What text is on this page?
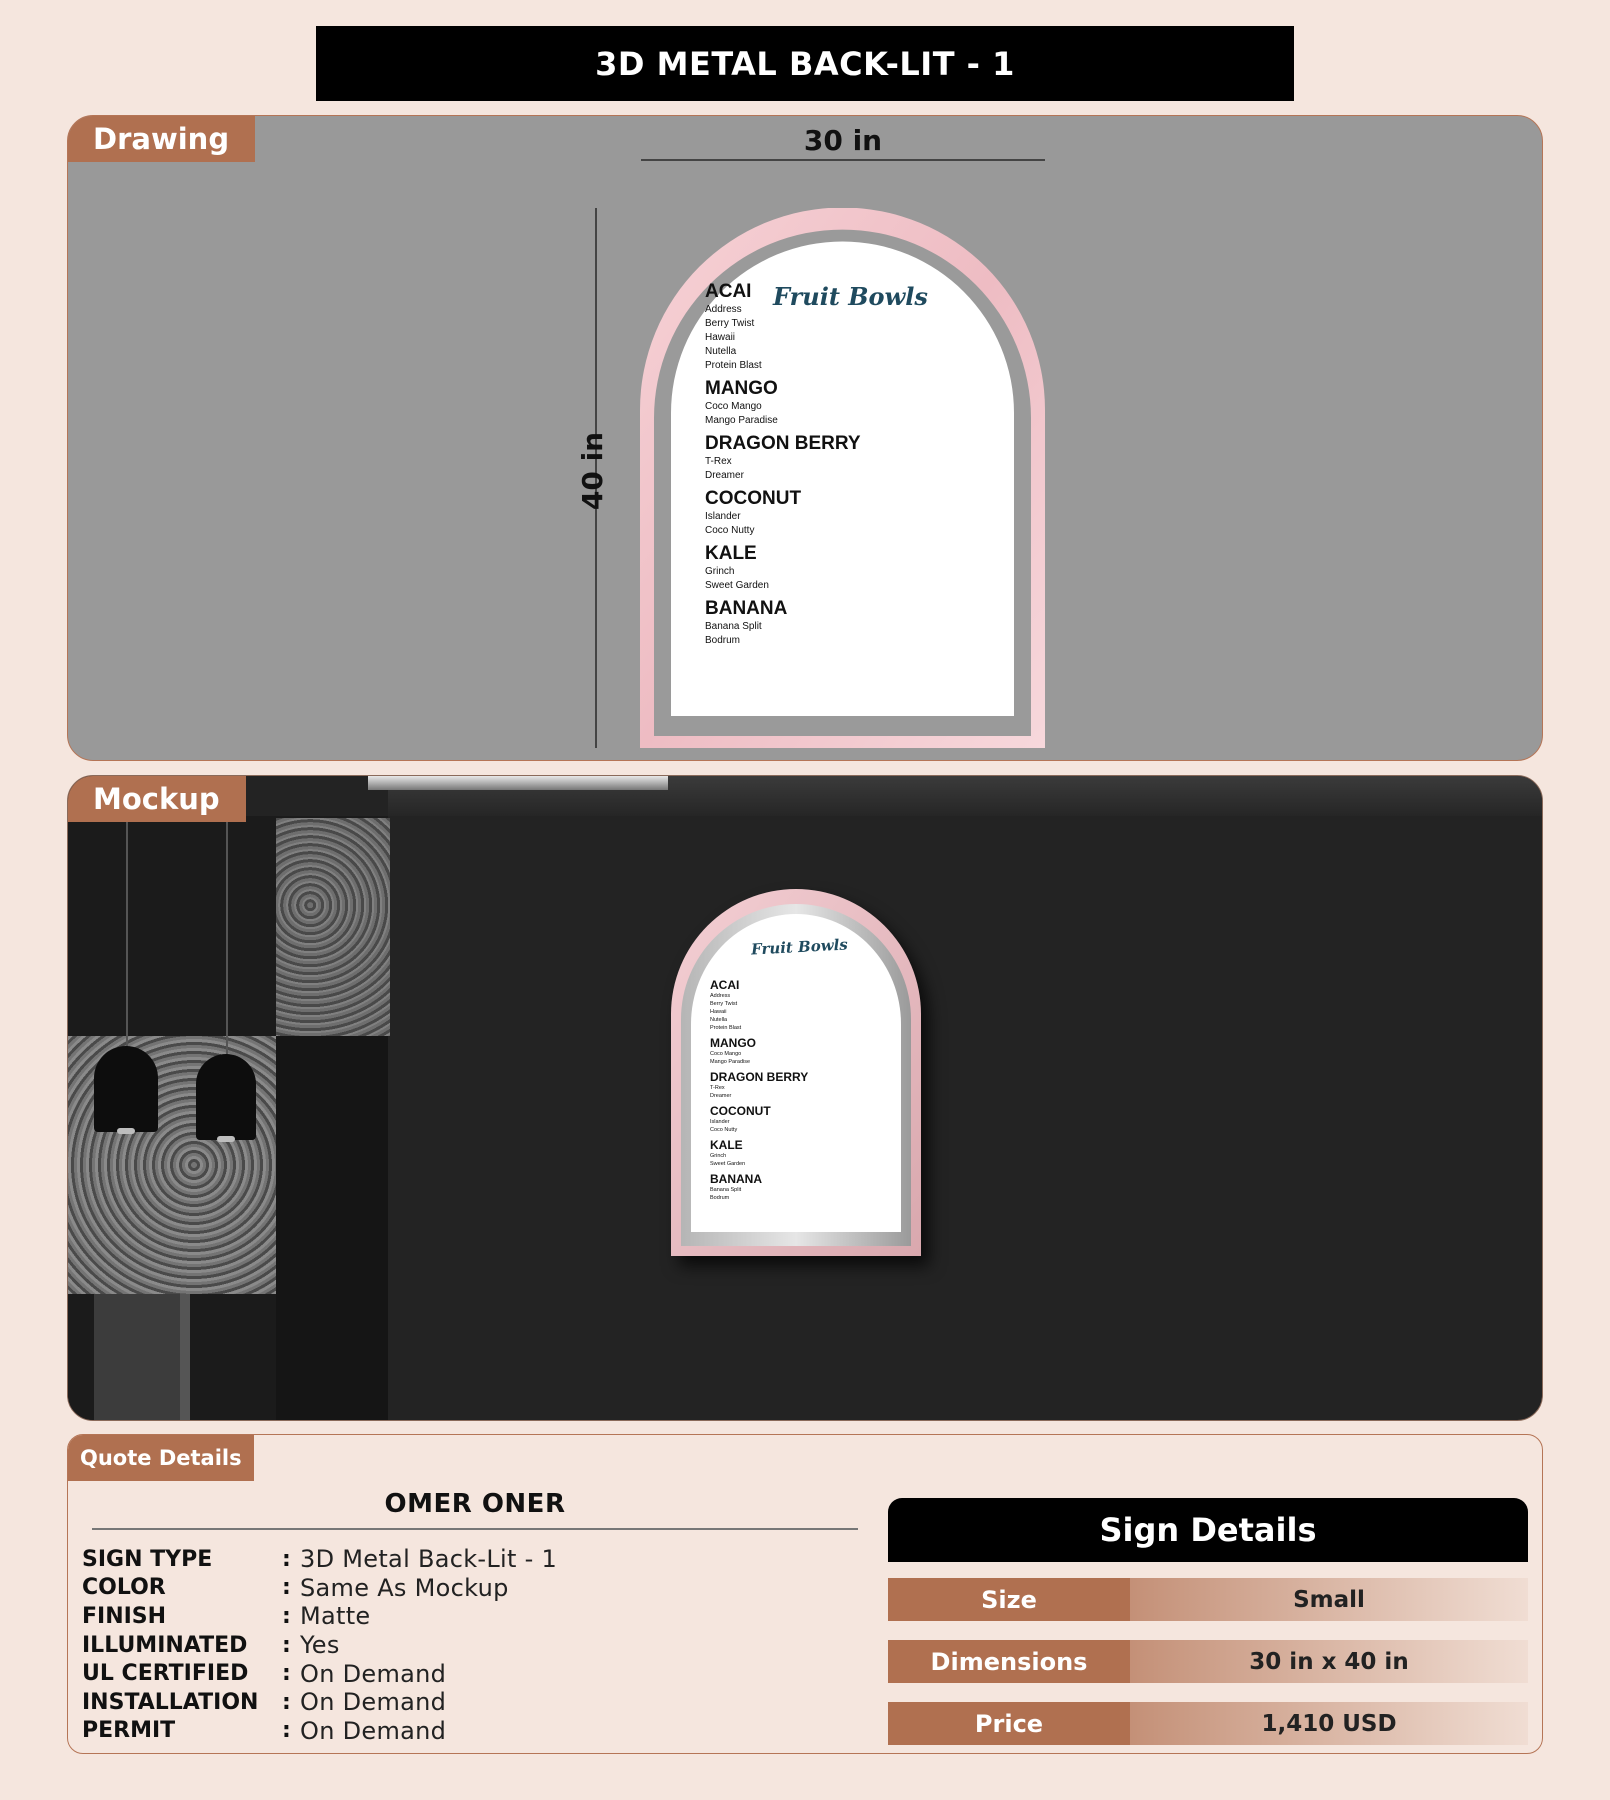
3D METAL BACK-LIT - 1
Drawing	30 in
40 in
Fruit Bowls
ACAI
Address
Berry Twist
Hawaii
Nutella
Protein Blast
MANGO
Coco Mango
Mango Paradise
DRAGON BERRY
T-Rex
Dreamer
COCONUT
Islander
Coco Nutty
KALE
Grinch
Sweet Garden
BANANA
Banana Split
Bodrum
Fruit Bowls
ACAI
Address
Berry Twist
Hawaii
Nutella
Protein Blast
MANGO
Coco Mango
Mango Paradise
DRAGON BERRY
T-Rex
Dreamer
COCONUT
Islander
Coco Nutty
KALE
Grinch
Sweet Garden
BANANA
Banana Split
Bodrum
Mockup
Quote Details
OMER ONER
SIGN TYPE	: 3D Metal Back-Lit - 1
COLOR	: Same As Mockup
FINISH	: Matte
ILLUMINATED	: Yes
UL CERTIFIED	: On Demand
INSTALLATION	: On Demand
PERMIT	: On Demand
Sign Details
Size	Small
Dimensions	30 in x 40 in
Price	1,410 USD
